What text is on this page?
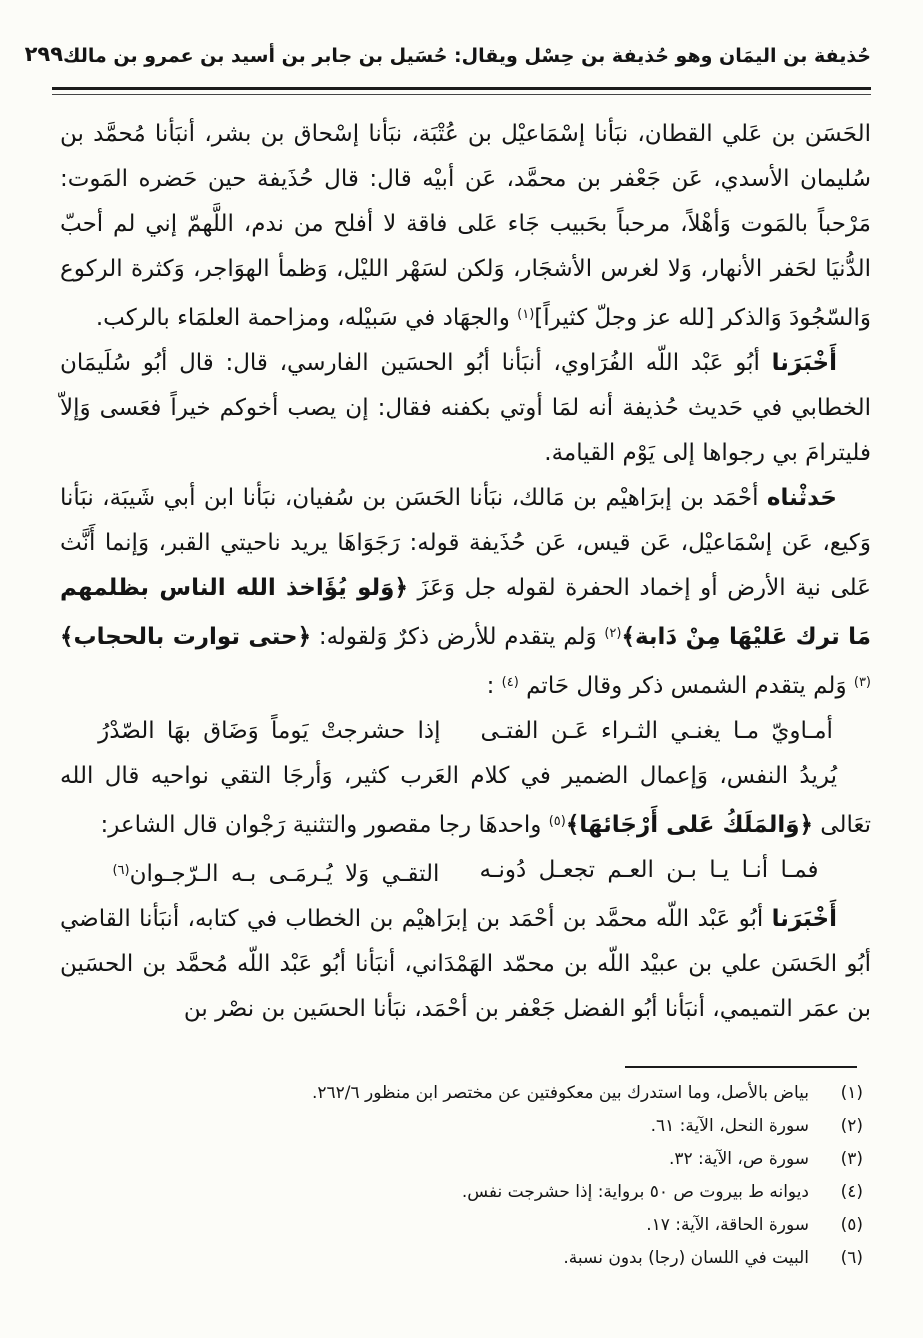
حُذيفة بن اليمَان وهو حُذيفة بن حِسْل ويقال: حُسَيل بن جابر بن أسيد بن عمرو بن مالك
٢٩٩

الحَسَن بن عَلي القطان، نبَأنا إسْمَاعيْل بن عُتْبَة، نبَأنا إسْحاق بن بشر، أنبَأنا مُحمَّد بن سُليمان الأسدي، عَن جَعْفر بن محمَّد، عَن أبيْه قال: قال حُذَيفة حين حَضره المَوت: مَرْحباً بالمَوت وَأهْلاً، مرحباً بحَبيب جَاء عَلى فاقة لا أفلح من ندم، اللَّهمّ إني لم أحبّ الدُّنيَا لحَفر الأنهار، وَلا لغرس الأشجَار، وَلكن لسَهْر الليْل، وَظمأ الهوَاجر، وَكثرة الركوع وَالسّجُودَ وَالذكر [لله عز وجلّ كثيراً]$^{(١)}$ والجهَاد في سَبيْله، ومزاحمة العلمَاء بالركب.

أَخْبَرَنا أبُو عَبْد اللّه الفُرَاوي، أنبَأنا أبُو الحسَين الفارسي، قال: قال أبُو سُلَيمَان الخطابي في حَديث حُذيفة أنه لمَا أوتي بكفنه فقال: إن يصب أخوكم خيراً فعَسى وَإلاّ فليترامَ بي رجواها إلى يَوْم القيامة.

حَدثْناه أحْمَد بن إبرَاهيْم بن مَالك، نبَأنا الحَسَن بن سُفيان، نبَأنا ابن أبي شَيبَة، نبَأنا وَكيع، عَن إسْمَاعيْل، عَن قيس، عَن حُذَيفة قوله: رَجَوَاهَا يريد ناحيتي القبر، وَإنما أَنَّث عَلى نية الأرض أو إخماد الحفرة لقوله جل وَعَزَ ﴿وَلو يُؤَاخذ الله الناس بظلمهم مَا ترك عَليْهَا مِنْ دَابة﴾$^{(٢)}$ وَلم يتقدم للأرض ذكرٌ وَلقوله: ﴿حتى توارت بالحجاب﴾$^{(٣)}$ وَلم يتقدم الشمس ذكر وقال حَاتم $^{(٤)}$ :

أمـاويّ مـا يغنـي الثـراء عَـن الفتـى
إذا حشرجتْ يَوماً وَضَاق بهَا الصّدْرُ

يُريدُ النفس، وَإعمال الضمير في كلام العَرب كثير، وَأرجَا التقي نواحيه قال الله تعَالى ﴿وَالمَلَكُ عَلى أَرْجَائهَا﴾$^{(٥)}$ واحدهَا رجا مقصور والتثنية رَجْوان قال الشاعر:

فمـا أنـا يـا بـن العـم تجعـل دُونـه
التقـي وَلا يُـرمَـى بـه الـرّجـوان$^{(٦)}$

أَخْبَرَنا أبُو عَبْد اللّه محمَّد بن أحْمَد بن إبرَاهيْم بن الخطاب في كتابه، أنبَأنا القاضي أبُو الحَسَن علي بن عبيْد اللّه بن محمّد الهَمْدَاني، أنبَأنا أبُو عَبْد اللّه مُحمَّد بن الحسَين بن عمَر التميمي، أنبَأنا أبُو الفضل جَعْفر بن أحْمَد، نبَأنا الحسَين بن نصْر بن

(١)
بياض بالأصل، وما استدرك بين معكوفتين عن مختصر ابن منظور ٢٦٢/٦.
(٢)
سورة النحل، الآية: ٦١.
(٣)
سورة ص، الآية: ٣٢.
(٤)
ديوانه ط بيروت ص ٥٠ برواية: إذا حشرجت نفس.
(٥)
سورة الحاقة، الآية: ١٧.
(٦)
البيت في اللسان (رجا) بدون نسبة.
